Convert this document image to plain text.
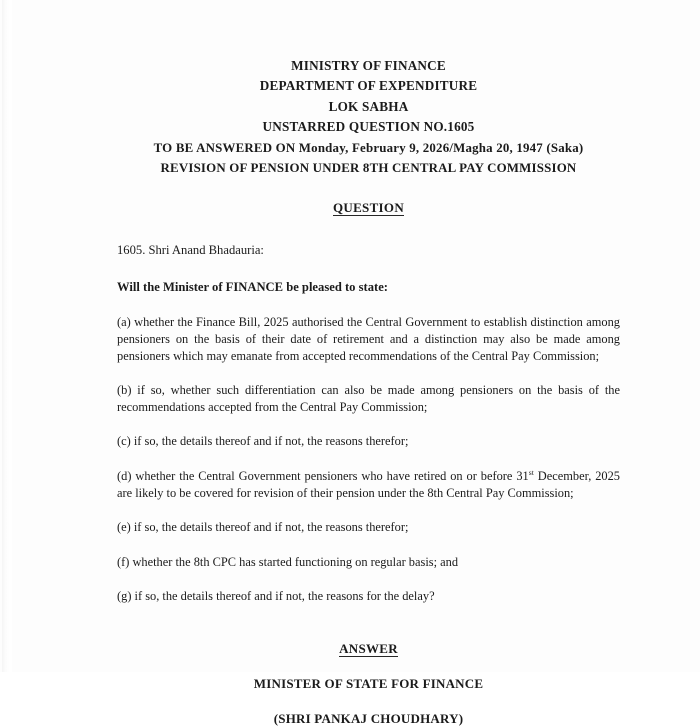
MINISTRY OF FINANCE
DEPARTMENT OF EXPENDITURE
LOK SABHA
UNSTARRED QUESTION NO.1605
TO BE ANSWERED ON Monday, February 9, 2026/Magha 20, 1947 (Saka)
REVISION OF PENSION UNDER 8TH CENTRAL PAY COMMISSION
QUESTION
1605. Shri Anand Bhadauria:
Will the Minister of FINANCE be pleased to state:
(a) whether the Finance Bill, 2025 authorised the Central Government to establish distinction among pensioners on the basis of their date of retirement and a distinction may also be made among pensioners which may emanate from accepted recommendations of the Central Pay Commission;
(b) if so, whether such differentiation can also be made among pensioners on the basis of the recommendations accepted from the Central Pay Commission;
(c) if so, the details thereof and if not, the reasons therefor;
(d) whether the Central Government pensioners who have retired on or before 31st December, 2025 are likely to be covered for revision of their pension under the 8th Central Pay Commission;
(e) if so, the details thereof and if not, the reasons therefor;
(f) whether the 8th CPC has started functioning on regular basis; and
(g) if so, the details thereof and if not, the reasons for the delay?
ANSWER
MINISTER OF STATE FOR FINANCE
(SHRI PANKAJ CHOUDHARY)
